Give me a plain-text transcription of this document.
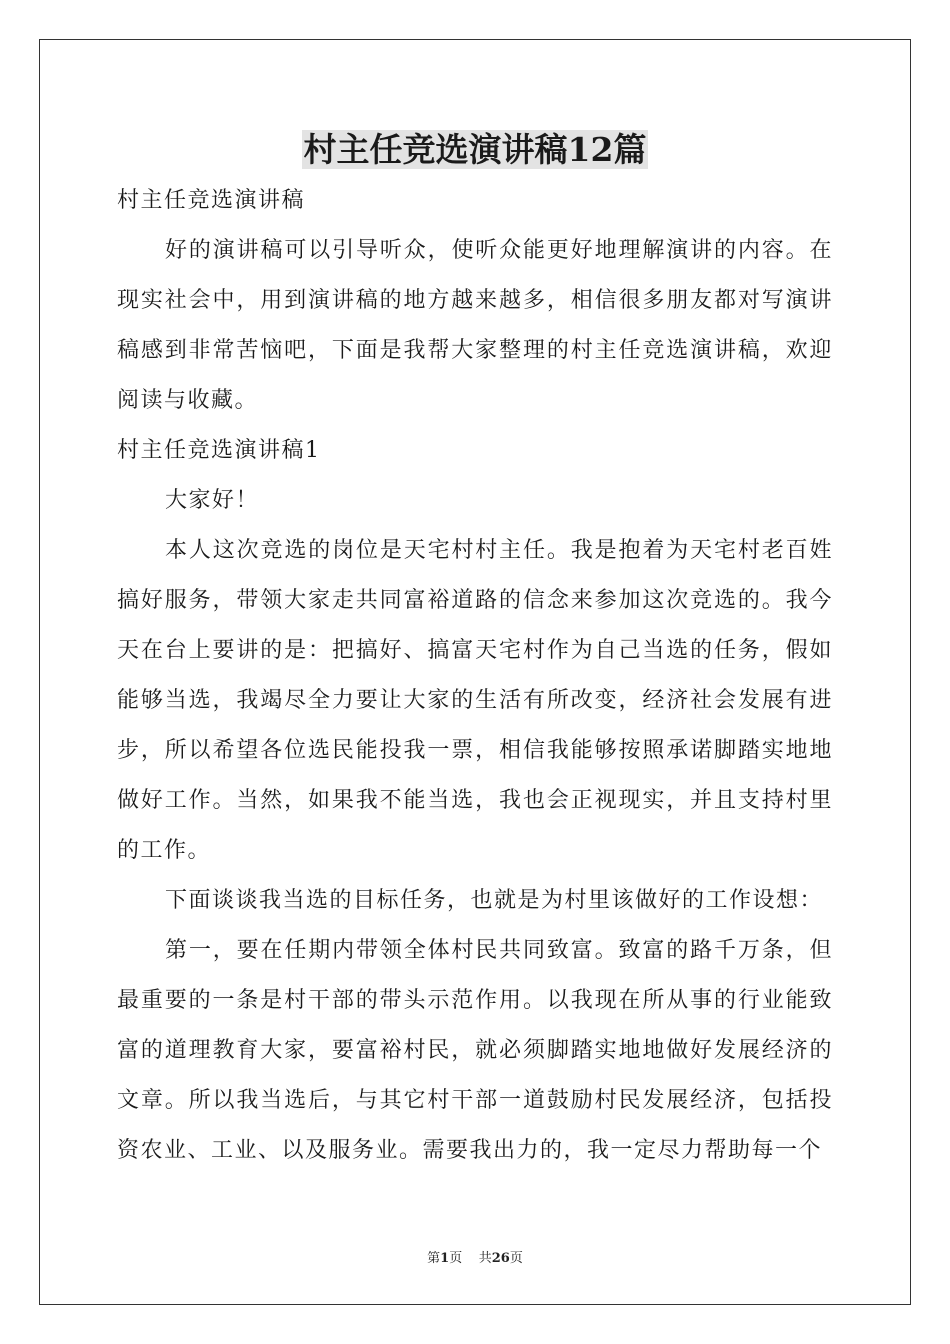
村主任竞选演讲稿12篇

村主任竞选演讲稿

好的演讲稿可以引导听众，使听众能更好地理解演讲的内容。在现实社会中，用到演讲稿的地方越来越多，相信很多朋友都对写演讲稿感到非常苦恼吧，下面是我帮大家整理的村主任竞选演讲稿，欢迎阅读与收藏。

村主任竞选演讲稿1

大家好！

本人这次竞选的岗位是天宅村村主任。我是抱着为天宅村老百姓搞好服务，带领大家走共同富裕道路的信念来参加这次竞选的。我今天在台上要讲的是：把搞好、搞富天宅村作为自己当选的任务，假如能够当选，我竭尽全力要让大家的生活有所改变，经济社会发展有进步，所以希望各位选民能投我一票，相信我能够按照承诺脚踏实地地做好工作。当然，如果我不能当选，我也会正视现实，并且支持村里的工作。

下面谈谈我当选的目标任务，也就是为村里该做好的工作设想：

第一，要在任期内带领全体村民共同致富。致富的路千万条，但最重要的一条是村干部的带头示范作用。以我现在所从事的行业能致富的道理教育大家，要富裕村民，就必须脚踏实地地做好发展经济的文章。所以我当选后，与其它村干部一道鼓励村民发展经济，包括投资农业、工业、以及服务业。需要我出力的，我一定尽力帮助每一个

第1页    共26页
